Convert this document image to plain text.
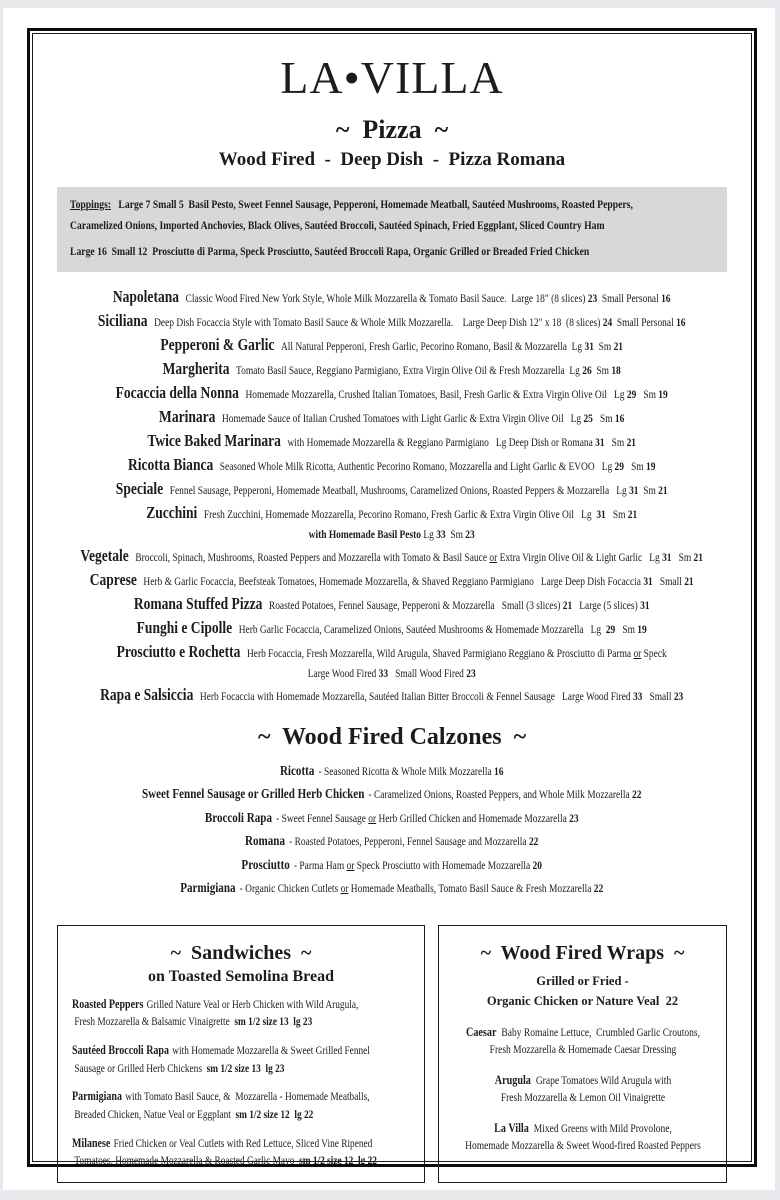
LA•VILLA
~  Pizza  ~
Wood Fired  -  Deep Dish  -  Pizza Romana

Toppings: Large 7 Small 5  Basil Pesto, Sweet Fennel Sausage, Pepperoni, Homemade Meatball, Sautéed Mushrooms, Roasted Peppers,
Caramelized Onions, Imported Anchovies, Black Olives, Sautéed Broccoli, Sautéed Spinach, Fried Eggplant, Sliced Country Ham

Large 16  Small 12  Prosciutto di Parma, Speck Prosciutto, Sautéed Broccoli Rapa, Organic Grilled or Breaded Fried Chicken

Napoletana Classic Wood Fired New York Style, Whole Milk Mozzarella & Tomato Basil Sauce.  Large 18" (8 slices) 23  Small Personal 16
Siciliana Deep Dish Focaccia Style with Tomato Basil Sauce & Whole Milk Mozzarella.    Large Deep Dish 12" x 18  (8 slices) 24  Small Personal 16
Pepperoni & Garlic All Natural Pepperoni, Fresh Garlic, Pecorino Romano, Basil & Mozzarella  Lg 31  Sm 21
Margherita Tomato Basil Sauce, Reggiano Parmigiano, Extra Virgin Olive Oil & Fresh Mozzarella  Lg 26  Sm 18
Focaccia della Nonna Homemade Mozzarella, Crushed Italian Tomatoes, Basil, Fresh Garlic & Extra Virgin Olive Oil   Lg 29   Sm 19
Marinara Homemade Sauce of Italian Crushed Tomatoes with Light Garlic & Extra Virgin Olive Oil   Lg 25   Sm 16
Twice Baked Marinara with Homemade Mozzarella & Reggiano Parmigiano   Lg Deep Dish or Romana 31   Sm 21
Ricotta Bianca Seasoned Whole Milk Ricotta, Authentic Pecorino Romano, Mozzarella and Light Garlic & EVOO   Lg 29   Sm 19
Speciale Fennel Sausage, Pepperoni, Homemade Meatball, Mushrooms, Caramelized Onions, Roasted Peppers & Mozzarella   Lg 31  Sm 21
Zucchini Fresh Zucchini, Homemade Mozzarella, Pecorino Romano, Fresh Garlic & Extra Virgin Olive Oil   Lg  31   Sm 21
with Homemade Basil Pesto Lg 33  Sm 23
Vegetale Broccoli, Spinach, Mushrooms, Roasted Peppers and Mozzarella with Tomato & Basil Sauce or Extra Virgin Olive Oil & Light Garlic   Lg 31   Sm 21
Caprese Herb & Garlic Focaccia, Beefsteak Tomatoes, Homemade Mozzarella, & Shaved Reggiano Parmigiano   Large Deep Dish Focaccia 31   Small 21
Romana Stuffed Pizza Roasted Potatoes, Fennel Sausage, Pepperoni & Mozzarella   Small (3 slices) 21   Large (5 slices) 31
Funghi e Cipolle Herb Garlic Focaccia, Caramelized Onions, Sautéed Mushrooms & Homemade Mozzarella   Lg  29   Sm 19
Prosciutto e Rochetta Herb Focaccia, Fresh Mozzarella, Wild Arugula, Shaved Parmigiano Reggiano & Prosciutto di Parma or Speck
Large Wood Fired 33   Small Wood Fired 23
Rapa e Salsiccia Herb Focaccia with Homemade Mozzarella, Sautéed Italian Bitter Broccoli & Fennel Sausage   Large Wood Fired 33   Small 23
~  Wood Fired Calzones  ~
Ricotta - Seasoned Ricotta & Whole Milk Mozzarella 16
Sweet Fennel Sausage or Grilled Herb Chicken - Caramelized Onions, Roasted Peppers, and Whole Milk Mozzarella 22
Broccoli Rapa - Sweet Fennel Sausage or Herb Grilled Chicken and Homemade Mozzarella 23
Romana - Roasted Potatoes, Pepperoni, Fennel Sausage and Mozzarella 22
Prosciutto - Parma Ham or Speck Prosciutto with Homemade Mozzarella 20
Parmigiana - Organic Chicken Cutlets or Homemade Meatballs, Tomato Basil Sauce & Fresh Mozzarella 22
~  Sandwiches  ~
on Toasted Semolina Bread
Roasted Peppers Grilled Nature Veal or Herb Chicken with Wild Arugula,
Fresh Mozzarella & Balsamic Vinaigrette  sm 1/2 size 13  lg 23
Sautéed Broccoli Rapa with Homemade Mozzarella & Sweet Grilled Fennel
Sausage or Grilled Herb Chickens  sm 1/2 size 13  lg 23
Parmigiana with Tomato Basil Sauce, &  Mozzarella - Homemade Meatballs,
Breaded Chicken, Natue Veal or Eggplant  sm 1/2 size 12  lg 22
Milanese Fried Chicken or Veal Cutlets with Red Lettuce, Sliced Vine Ripened
Tomatoes, Homemade Mozzarella & Roasted Garlic Mayo  sm 1/2 size 12  lg 22
~  Wood Fired Wraps  ~
Grilled or Fried -
Organic Chicken or Nature Veal  22
Caesar Baby Romaine Lettuce,  Crumbled Garlic Croutons,
Fresh Mozzarella & Homemade Caesar Dressing
Arugula Grape Tomatoes Wild Arugula with
Fresh Mozzarella & Lemon Oil Vinaigrette
La Villa Mixed Greens with Mild Provolone,
Homemade Mozzarella & Sweet Wood-fired Roasted Peppers
